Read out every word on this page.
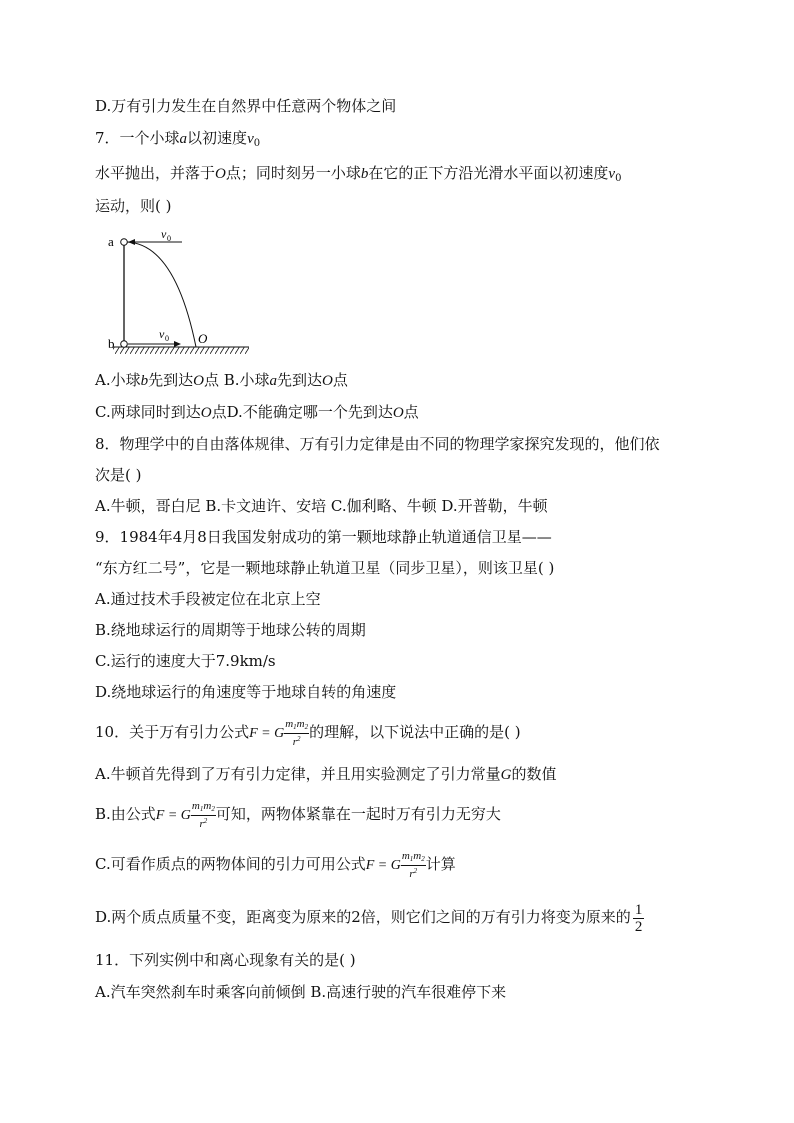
D.万有引力发生在自然界中任意两个物体之间
7．一个小球a以初速度$v_0$
水平抛出，并落于O点；同时刻另一小球b在它的正下方沿光滑水平面以初速度$v_0$
运动，则( )
a
b	O
v 0
v 0
A.小球b先到达O点 B.小球a先到达O点
C.两球同时到达O点D.不能确定哪一个先到达O点
8．物理学中的自由落体规律、万有引力定律是由不同的物理学家探究发现的，他们依
次是( )
A.牛顿，哥白尼 B.卡文迪许、安培 C.伽利略、牛顿 D.开普勒，牛顿
9．1984年4月8日我国发射成功的第一颗地球静止轨道通信卫星——
“东方红二号”，它是一颗地球静止轨道卫星（同步卫星），则该卫星( )
A.通过技术手段被定位在北京上空
B.绕地球运行的周期等于地球公转的周期
C.运行的速度大于7.9km/s
D.绕地球运行的角速度等于地球自转的角速度
10．关于万有引力公式F = G $\frac{m1m2}{r^2}$ 的理解，以下说法中正确的是( )
A.牛顿首先得到了万有引力定律，并且用实验测定了引力常量G的数值
B.由公式F = G $\frac{m1m2}{r^2}$ 可知，两物体紧靠在一起时万有引力无穷大
C.可看作质点的两物体间的引力可用公式F = G $\frac{m1m2}{r^2}$ 计算
D.两个质点质量不变，距离变为原来的2倍，则它们之间的万有引力将变为原来的 $\frac{1}{2}$
11．下列实例中和离心现象有关的是( )
A.汽车突然刹车时乘客向前倾倒 B.高速行驶的汽车很难停下来
